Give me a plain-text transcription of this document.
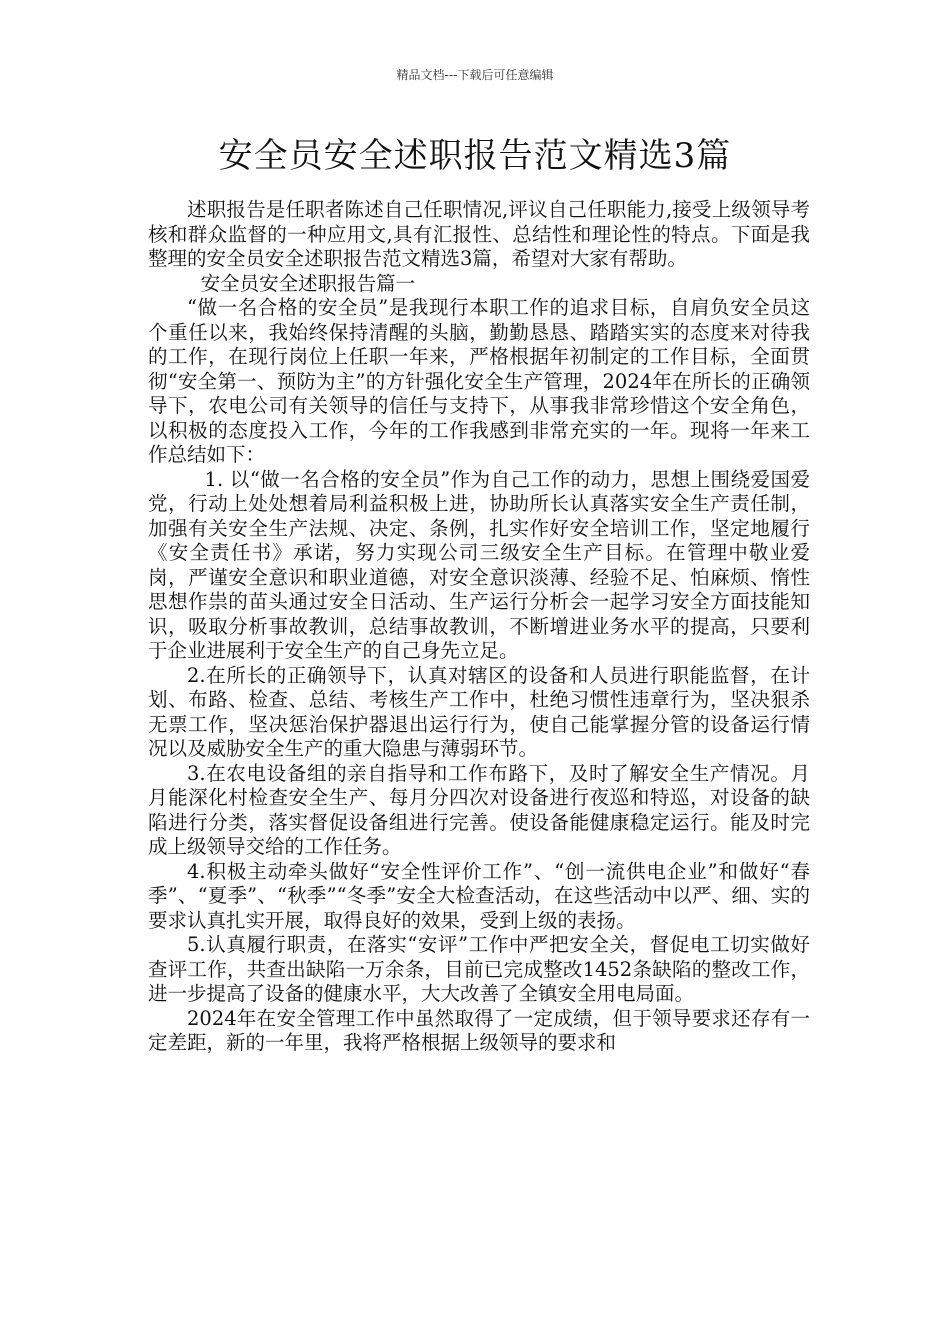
精品文档---下载后可任意编辑
安全员安全述职报告范文精选3篇

述职报告是任职者陈述自己任职情况,评议自己任职能力,接受上级领导考核和群众监督的一种应用文,具有汇报性、总结性和理论性的特点。下面是我整理的安全员安全述职报告范文精选3篇，希望对大家有帮助。

安全员安全述职报告篇一

“做一名合格的安全员”是我现行本职工作的追求目标，自肩负安全员这个重任以来，我始终保持清醒的头脑，勤勤恳恳、踏踏实实的态度来对待我的工作，在现行岗位上任职一年来，严格根据年初制定的工作目标，全面贯彻“安全第一、预防为主”的方针强化安全生产管理，2024年在所长的正确领导下，农电公司有关领导的信任与支持下，从事我非常珍惜这个安全角色，以积极的态度投入工作，今年的工作我感到非常充实的一年。现将一年来工作总结如下：

1. 以“做一名合格的安全员”作为自己工作的动力，思想上围绕爱国爱党，行动上处处想着局利益积极上进，协助所长认真落实安全生产责任制，加强有关安全生产法规、决定、条例，扎实作好安全培训工作，坚定地履行《安全责任书》承诺，努力实现公司三级安全生产目标。在管理中敬业爱岗，严谨安全意识和职业道德，对安全意识淡薄、经验不足、怕麻烦、惰性思想作祟的苗头通过安全日活动、生产运行分析会一起学习安全方面技能知识，吸取分析事故教训，总结事故教训，不断增进业务水平的提高，只要利于企业进展利于安全生产的自己身先立足。

2.在所长的正确领导下，认真对辖区的设备和人员进行职能监督，在计划、布路、检查、总结、考核生产工作中，杜绝习惯性违章行为，坚决狠杀无票工作，坚决惩治保护器退出运行行为，使自己能掌握分管的设备运行情况以及威胁安全生产的重大隐患与薄弱环节。

3.在农电设备组的亲自指导和工作布路下，及时了解安全生产情况。月月能深化村检查安全生产、每月分四次对设备进行夜巡和特巡，对设备的缺陷进行分类，落实督促设备组进行完善。使设备能健康稳定运行。能及时完成上级领导交给的工作任务。

4.积极主动牵头做好“安全性评价工作”、“创一流供电企业”和做好“春季”、“夏季”、“秋季”“冬季”安全大检查活动，在这些活动中以严、细、实的要求认真扎实开展，取得良好的效果，受到上级的表扬。

5.认真履行职责，在落实“安评”工作中严把安全关，督促电工切实做好查评工作，共查出缺陷一万余条，目前已完成整改1452条缺陷的整改工作，进一步提高了设备的健康水平，大大改善了全镇安全用电局面。

2024年在安全管理工作中虽然取得了一定成绩，但于领导要求还存有一定差距，新的一年里，我将严格根据上级领导的要求和
